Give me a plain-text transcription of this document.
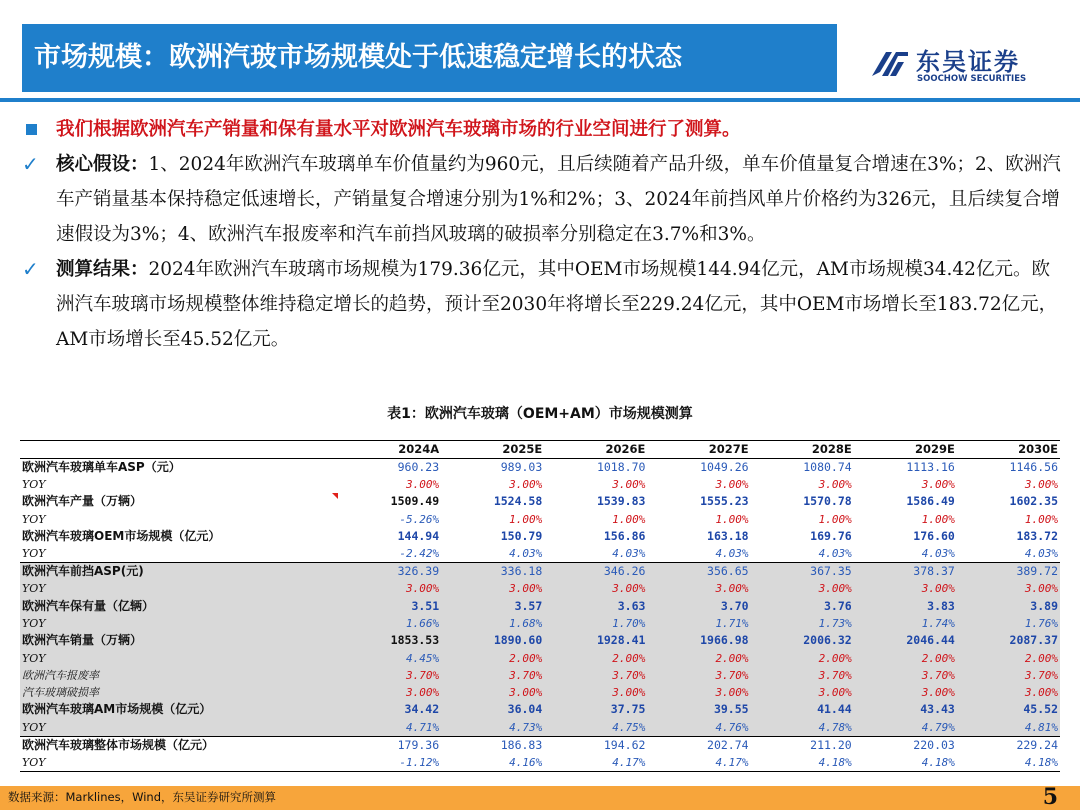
市场规模：欧洲汽玻市场规模处于低速稳定增长的状态	东吴证券
SOOCHOW SECURITIES
我们根据欧洲汽车产销量和保有量水平对欧洲汽车玻璃市场的行业空间进行了测算。
✓ 核心假设：1、2024年欧洲汽车玻璃单车价值量约为960元，且后续随着产品升级，单车价值量复合增速在3%；2、欧洲汽车产销量基本保持稳定低速增长，产销量复合增速分别为1%和2%；3、2024年前挡风单片价格约为326元，且后续复合增速假设为3%；4、欧洲汽车报废率和汽车前挡风玻璃的破损率分别稳定在3.7%和3%。
✓ 测算结果：2024年欧洲汽车玻璃市场规模为179.36亿元，其中OEM市场规模144.94亿元，AM市场规模34.42亿元。欧洲汽车玻璃市场规模整体维持稳定增长的趋势，预计至2030年将增长至229.24亿元，其中OEM市场增长至183.72亿元，AM市场增长至45.52亿元。
表1：欧洲汽车玻璃（OEM+AM）市场规模测算
	2024A	2025E	2026E	2027E	2028E	2029E	2030E
欧洲汽车玻璃单车ASP（元）	960.23	989.03	1018.70	1049.26	1080.74	1113.16	1146.56
YOY	3.00%	3.00%	3.00%	3.00%	3.00%	3.00%	3.00%
欧洲汽车产量（万辆）	1509.49	1524.58	1539.83	1555.23	1570.78	1586.49	1602.35
YOY	-5.26%	1.00%	1.00%	1.00%	1.00%	1.00%	1.00%
欧洲汽车玻璃OEM市场规模（亿元）	144.94	150.79	156.86	163.18	169.76	176.60	183.72
YOY	-2.42%	4.03%	4.03%	4.03%	4.03%	4.03%	4.03%
欧洲汽车前挡ASP(元)	326.39	336.18	346.26	356.65	367.35	378.37	389.72
YOY	3.00%	3.00%	3.00%	3.00%	3.00%	3.00%	3.00%
欧洲汽车保有量（亿辆）	3.51	3.57	3.63	3.70	3.76	3.83	3.89
YOY	1.66%	1.68%	1.70%	1.71%	1.73%	1.74%	1.76%
欧洲汽车销量（万辆）	1853.53	1890.60	1928.41	1966.98	2006.32	2046.44	2087.37
YOY	4.45%	2.00%	2.00%	2.00%	2.00%	2.00%	2.00%
欧洲汽车报废率	3.70%	3.70%	3.70%	3.70%	3.70%	3.70%	3.70%
汽车玻璃破损率	3.00%	3.00%	3.00%	3.00%	3.00%	3.00%	3.00%
欧洲汽车玻璃AM市场规模（亿元）	34.42	36.04	37.75	39.55	41.44	43.43	45.52
YOY	4.71%	4.73%	4.75%	4.76%	4.78%	4.79%	4.81%
欧洲汽车玻璃整体市场规模（亿元）	179.36	186.83	194.62	202.74	211.20	220.03	229.24
YOY	-1.12%	4.16%	4.17%	4.17%	4.18%	4.18%	4.18%
数据来源：Marklines，Wind，东吴证券研究所测算	5
